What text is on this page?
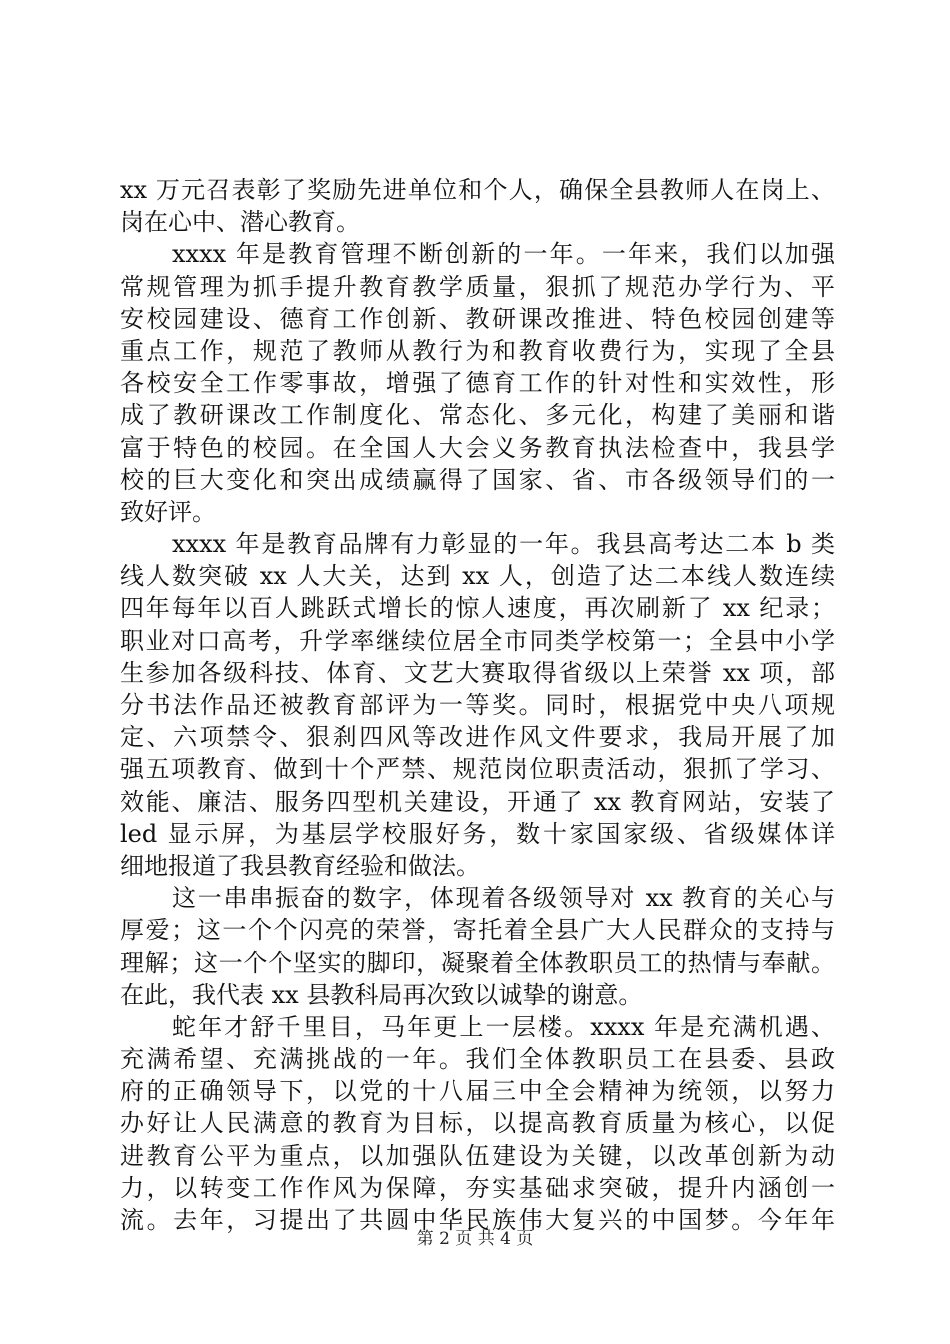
xx 万元召表彰了奖励先进单位和个人，确保全县教师人在岗上、
岗在心中、潜心教育。
xxxx 年是教育管理不断创新的一年。一年来，我们以加强
常规管理为抓手提升教育教学质量，狠抓了规范办学行为、平
安校园建设、德育工作创新、教研课改推进、特色校园创建等
重点工作，规范了教师从教行为和教育收费行为，实现了全县
各校安全工作零事故，增强了德育工作的针对性和实效性，形
成了教研课改工作制度化、常态化、多元化，构建了美丽和谐
富于特色的校园。在全国人大会义务教育执法检查中，我县学
校的巨大变化和突出成绩赢得了国家、省、市各级领导们的一
致好评。
xxxx 年是教育品牌有力彰显的一年。我县高考达二本 b 类
线人数突破 xx 人大关，达到 xx 人，创造了达二本线人数连续
四年每年以百人跳跃式增长的惊人速度，再次刷新了 xx 纪录；
职业对口高考，升学率继续位居全市同类学校第一；全县中小学
生参加各级科技、体育、文艺大赛取得省级以上荣誉 xx 项，部
分书法作品还被教育部评为一等奖。同时，根据党中央八项规
定、六项禁令、狠刹四风等改进作风文件要求，我局开展了加
强五项教育、做到十个严禁、规范岗位职责活动，狠抓了学习、
效能、廉洁、服务四型机关建设，开通了 xx 教育网站，安装了
led 显示屏，为基层学校服好务，数十家国家级、省级媒体详
细地报道了我县教育经验和做法。
这一串串振奋的数字，体现着各级领导对 xx 教育的关心与
厚爱；这一个个闪亮的荣誉，寄托着全县广大人民群众的支持与
理解；这一个个坚实的脚印，凝聚着全体教职员工的热情与奉献。
在此，我代表 xx 县教科局再次致以诚挚的谢意。
蛇年才舒千里目，马年更上一层楼。xxxx 年是充满机遇、
充满希望、充满挑战的一年。我们全体教职员工在县委、县政
府的正确领导下，以党的十八届三中全会精神为统领，以努力
办好让人民满意的教育为目标，以提高教育质量为核心，以促
进教育公平为重点，以加强队伍建设为关键，以改革创新为动
力，以转变工作作风为保障，夯实基础求突破，提升内涵创一
流。去年，习提出了共圆中华民族伟大复兴的中国梦。今年年
第 2 页 共 4 页
